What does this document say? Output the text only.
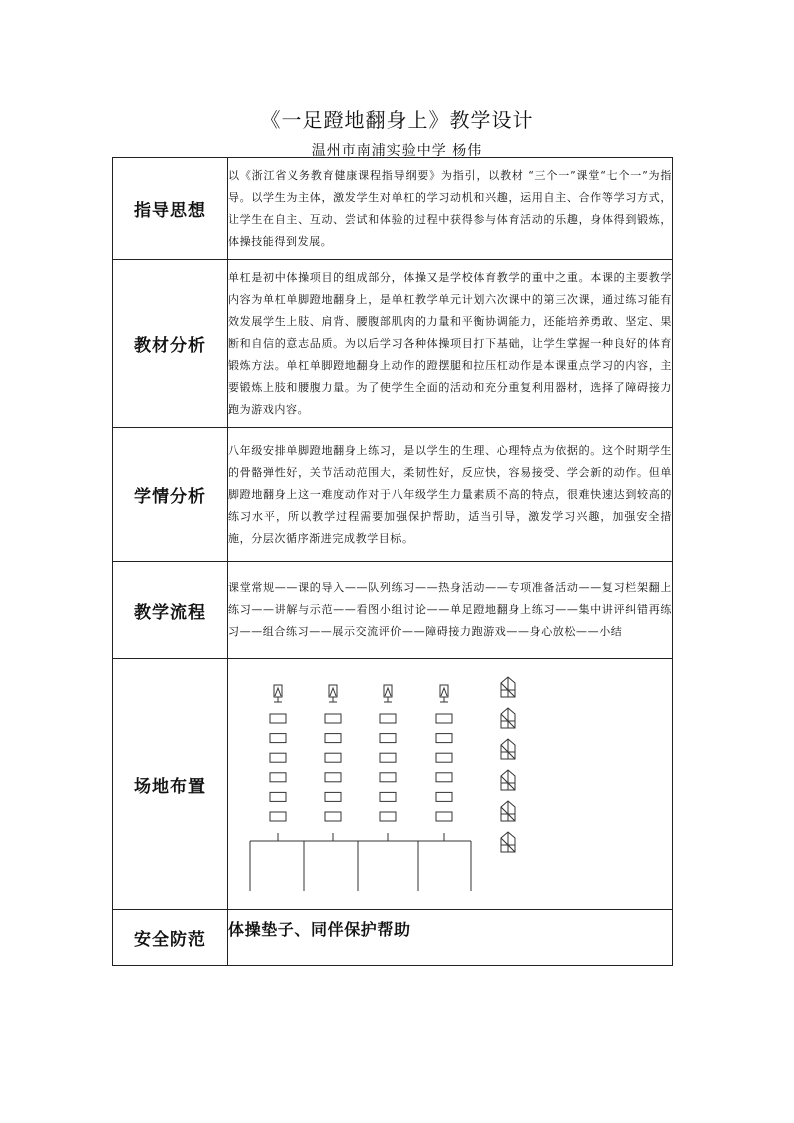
《一足蹬地翻身上》教学设计
温州市南浦实验中学 杨伟
指导思想	以《浙江省义务教育健康课程指导纲要》为指引，以教材 “三个一”课堂“七个一”为指导。以学生为主体，激发学生对单杠的学习动机和兴趣，运用自主、合作等学习方式，让学生在自主、互动、尝试和体验的过程中获得参与体育活动的乐趣，身体得到锻炼，体操技能得到发展。
教材分析	单杠是初中体操项目的组成部分，体操又是学校体育教学的重中之重。本课的主要教学内容为单杠单脚蹬地翻身上，是单杠教学单元计划六次课中的第三次课，通过练习能有效发展学生上肢、肩背、腰腹部肌肉的力量和平衡协调能力，还能培养勇敢、坚定、果断和自信的意志品质。为以后学习各种体操项目打下基础，让学生掌握一种良好的体育锻炼方法。单杠单脚蹬地翻身上动作的蹬摆腿和拉压杠动作是本课重点学习的内容，主要锻炼上肢和腰腹力量。为了使学生全面的活动和充分重复利用器材，选择了障碍接力跑为游戏内容。
学情分析	八年级安排单脚蹬地翻身上练习，是以学生的生理、心理特点为依据的。这个时期学生的骨骼弹性好，关节活动范围大，柔韧性好，反应快，容易接受、学会新的动作。但单脚蹬地翻身上这一难度动作对于八年级学生力量素质不高的特点，很难快速达到较高的练习水平，所以教学过程需要加强保护帮助，适当引导，激发学习兴趣，加强安全措施，分层次循序渐进完成教学目标。
教学流程	课堂常规——课的导入——队列练习——热身活动——专项准备活动——复习栏架翻上练习——讲解与示范——看图小组讨论——单足蹬地翻身上练习——集中讲评纠错再练习——组合练习——展示交流评价——障碍接力跑游戏——身心放松——小结
场地布置	

安全防范	体操垫子、同伴保护帮助
